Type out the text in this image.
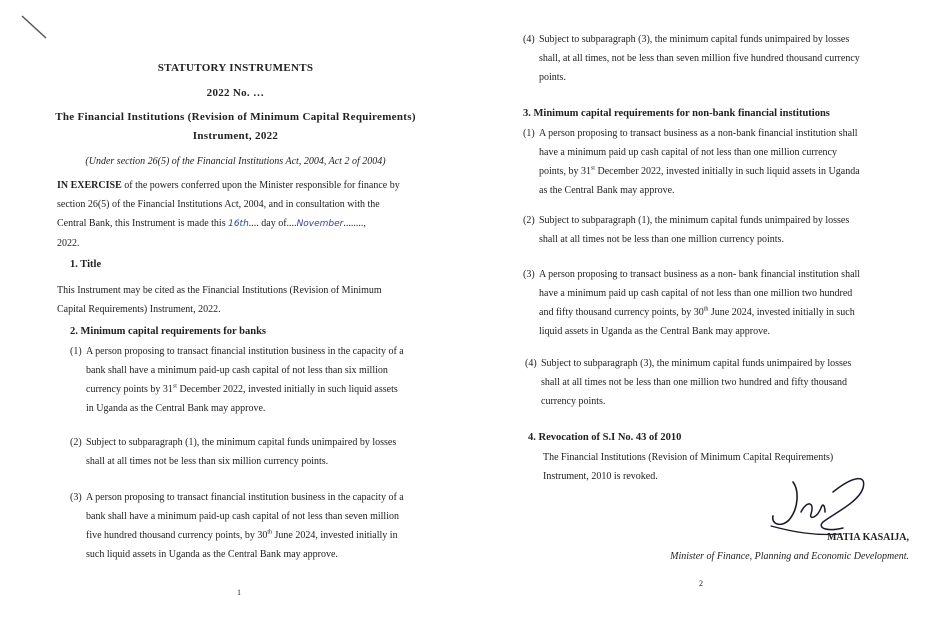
STATUTORY INSTRUMENTS

2022 No. …

The Financial Institutions (Revision of Minimum Capital Requirements)

Instrument, 2022

(Under section 26(5) of the Financial Institutions Act, 2004, Act 2 of 2004)

IN EXERCISE of the powers conferred upon the Minister responsible for finance by
section 26(5) of the Financial Institutions Act, 2004, and in consultation with the
Central Bank, this Instrument is made this 16th.... day of....November........,
2022.

1. Title

This Instrument may be cited as the Financial Institutions (Revision of Minimum
Capital Requirements) Instrument, 2022.

2. Minimum capital requirements for banks

(1) A person proposing to transact financial institution business in the capacity of a
bank shall have a minimum paid-up cash capital of not less than six million
currency points by 31st December 2022, invested initially in such liquid assets
in Uganda as the Central Bank may approve.
(2) Subject to subparagraph (1), the minimum capital funds unimpaired by losses
shall at all times not be less than six million currency points.
(3) A person proposing to transact financial institution business in the capacity of a
bank shall have a minimum paid-up cash capital of not less than seven million
five hundred thousand currency points, by 30th June 2024, invested initially in
such liquid assets in Uganda as the Central Bank may approve.

1

(4) Subject to subparagraph (3), the minimum capital funds unimpaired by losses
shall, at all times, not be less than seven million five hundred thousand currency
points.

3. Minimum capital requirements for non-bank financial institutions

(1) A person proposing to transact business as a non-bank financial institution shall
have a minimum paid up cash capital of not less than one million currency
points, by 31st December 2022, invested initially in such liquid assets in Uganda
as the Central Bank may approve.
(2) Subject to subparagraph (1), the minimum capital funds unimpaired by losses
shall at all times not be less than one million currency points.
(3) A person proposing to transact business as a non- bank financial institution shall
have a minimum paid up cash capital of not less than one million two hundred
and fifty thousand currency points, by 30th June 2024, invested initially in such
liquid assets in Uganda as the Central Bank may approve.
(4) Subject to subparagraph (3), the minimum capital funds unimpaired by losses
shall at all times not be less than one million two hundred and fifty thousand
currency points.

4. Revocation of S.I No. 43 of 2010

The Financial Institutions (Revision of Minimum Capital Requirements)
Instrument, 2010 is revoked.

MATIA KASAIJA,

Minister of Finance, Planning and Economic Development.

2
